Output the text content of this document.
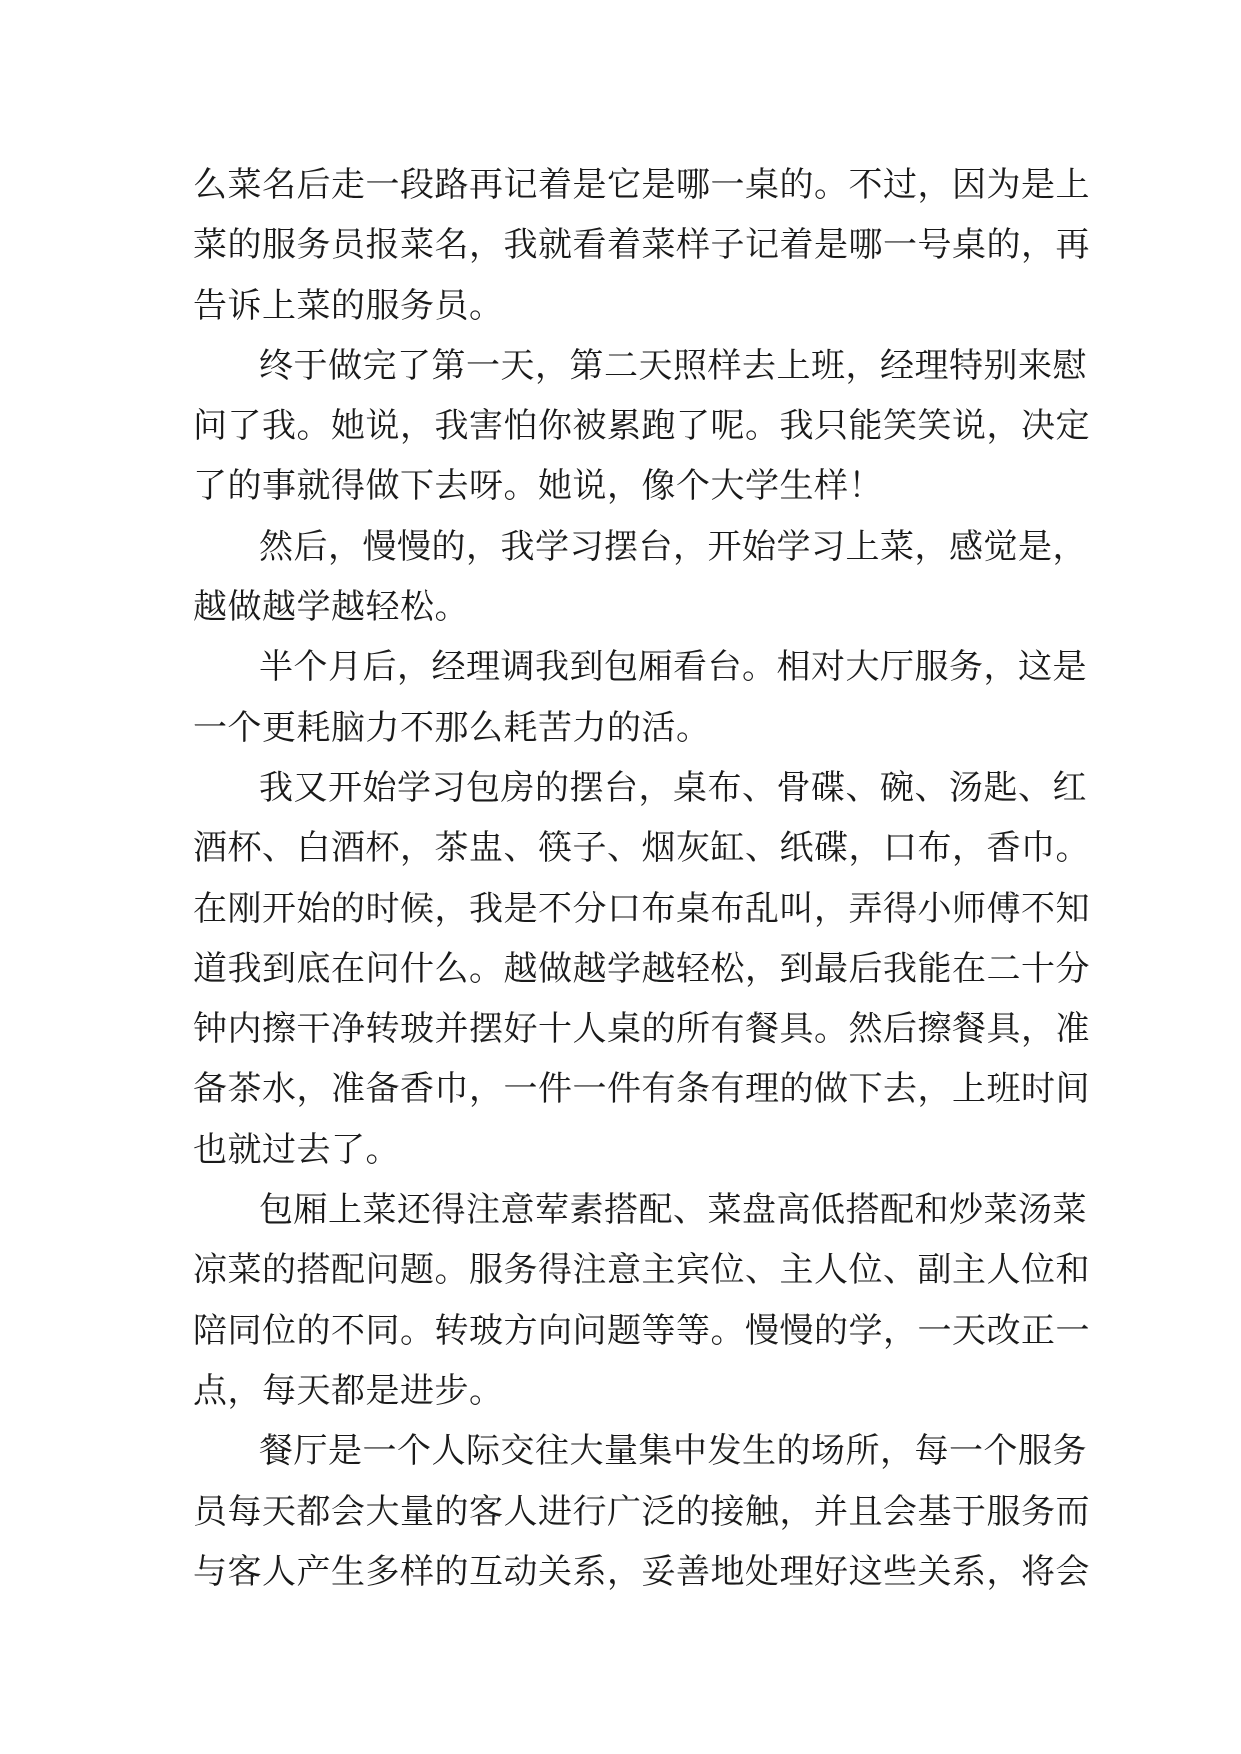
么菜名后走一段路再记着是它是哪一桌的。不过，因为是上
菜的服务员报菜名，我就看着菜样子记着是哪一号桌的，再
告诉上菜的服务员。
终于做完了第一天，第二天照样去上班，经理特别来慰
问了我。她说，我害怕你被累跑了呢。我只能笑笑说，决定
了的事就得做下去呀。她说，像个大学生样！
然后，慢慢的，我学习摆台，开始学习上菜，感觉是，
越做越学越轻松。
半个月后，经理调我到包厢看台。相对大厅服务，这是
一个更耗脑力不那么耗苦力的活。
我又开始学习包房的摆台，桌布、骨碟、碗、汤匙、红
酒杯、白酒杯，茶盅、筷子、烟灰缸、纸碟，口布，香巾。
在刚开始的时候，我是不分口布桌布乱叫，弄得小师傅不知
道我到底在问什么。越做越学越轻松，到最后我能在二十分
钟内擦干净转玻并摆好十人桌的所有餐具。然后擦餐具，准
备茶水，准备香巾，一件一件有条有理的做下去，上班时间
也就过去了。
包厢上菜还得注意荤素搭配、菜盘高低搭配和炒菜汤菜
凉菜的搭配问题。服务得注意主宾位、主人位、副主人位和
陪同位的不同。转玻方向问题等等。慢慢的学，一天改正一
点，每天都是进步。
餐厅是一个人际交往大量集中发生的场所，每一个服务
员每天都会大量的客人进行广泛的接触，并且会基于服务而
与客人产生多样的互动关系，妥善地处理好这些关系，将会
